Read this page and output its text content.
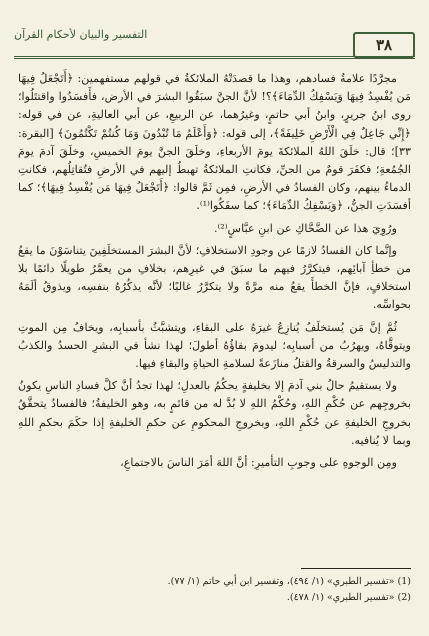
التفسير والبيان لأحكام القرآن
٣٨

مجرَّدًا علامةُ فسادهم، وهذا ما قصدَتْهُ الملائكةُ في قولهم مستفهمين: ﴿أَتَجْعَلُ فِيهَا مَن يُفْسِدُ فِيهَا وَيَسْفِكُ الدِّمَاءَ﴾؟! لأنَّ الجنَّ سبَقُوا البشرَ في الأرض، فأَفسَدُوا واقتتَلُوا؛ روى ابنُ جريرٍ، وابنُ أبي حاتمٍ، وغيرُهما، عن الربيعِ، عن أبي العاليةِ، عن في قوله: ﴿إِنِّي جَاعِلٌ فِي الْأَرْضِ خَلِيفَةً﴾، إلى قوله: ﴿وَأَعْلَمُ مَا تُبْدُونَ وَمَا كُنتُمْ تَكْتُمُونَ﴾ [البقرة: ٣٣]؛ قال: خلَقَ اللهُ الملائكةَ يومَ الأربعاءِ، وخلَقَ الجنَّ يومَ الخميسِ، وخلَقَ آدمَ يومَ الجُمُعةِ؛ فكفَرَ قومٌ من الجنِّ، فكانتِ الملائكةُ تهبطُ إليهم في الأرضِ فتُقاتِلُهم، فكانتِ الدماءُ بينهم، وكان الفسادُ في الأرضِ، فمِن ثَمَّ قالوا: ﴿أَتَجْعَلُ فِيهَا مَن يُفْسِدُ فِيهَا﴾؛ كما أفسَدَتِ الجنُّ، ﴿وَيَسْفِكُ الدِّمَاءَ﴾؛ كما سفَكُوا⁽¹⁾.

ورُوِيَ هذا عن الضَّحَّاكِ عن ابنِ عبَّاسٍ⁽²⁾.

وإنَّما كان الفسادُ لازمًا عن وجودِ الاستخلافِ؛ لأنَّ البشرَ المستخلَفِينَ يتناسَوْنَ ما يقعُ من خطأِ آبائِهم، فيتكرَّرُ فيهم ما سبَقَ في غيرِهم، بخلافِ من يعمَّرُ طويلًا دائمًا بلا استخلافٍ، فإنَّ الخطأَ يقعُ منه مرَّةً ولا يتكرَّرُ غالبًا؛ لأنَّه يذكُرُهُ بنفسِه، ويذوقُ ألَمَهُ بحواسِّه.

ثُمَّ إنَّ مَن يُستخلَفُ يُنازِعُ غيرَهُ على البقاءِ، ويتشبَّثُ بأسبابِه، ويخافُ مِن الموتِ ويتوقَّاهُ، ويهرُبُ من أسبابِه؛ ليدومَ بقاؤُهُ أطولَ؛ لهذا نشأ في البشرِ الحسدُ والكذبُ والتدليسُ والسرقةُ والقتلُ منازَعةً لسلامةِ الحياةِ والبقاءِ فيها.

ولا يستقيمُ حالُ بني آدمَ إلا بخليفةٍ يحكُمُ بالعدلِ؛ لهذا تجدُ أنَّ كلَّ فسادِ الناسِ يكونُ بخروجِهم عن حُكْمِ اللهِ، وحُكْمُ اللهِ لا بُدَّ له من قائمٍ به، وهو الخليفةُ؛ فالفسادُ يتحقَّقُ بخروجِ الخليفةِ عن حُكْمِ اللهِ، وبخروجِ المحكومِ عن حكمِ الخليفةِ إذا حكَمَ بحكمِ اللهِ وبما لا يُنافيه.

ومِن الوجوهِ على وجوبِ التأميرِ: أنَّ اللهَ أمَرَ الناسَ بالاجتماعِ،

(1) «تفسير الطبري» (١/ ٤٩٤)، وتفسير ابن أبي حاتم (١/ ٧٧).
(2) «تفسير الطبري» (١/ ٤٧٨).
